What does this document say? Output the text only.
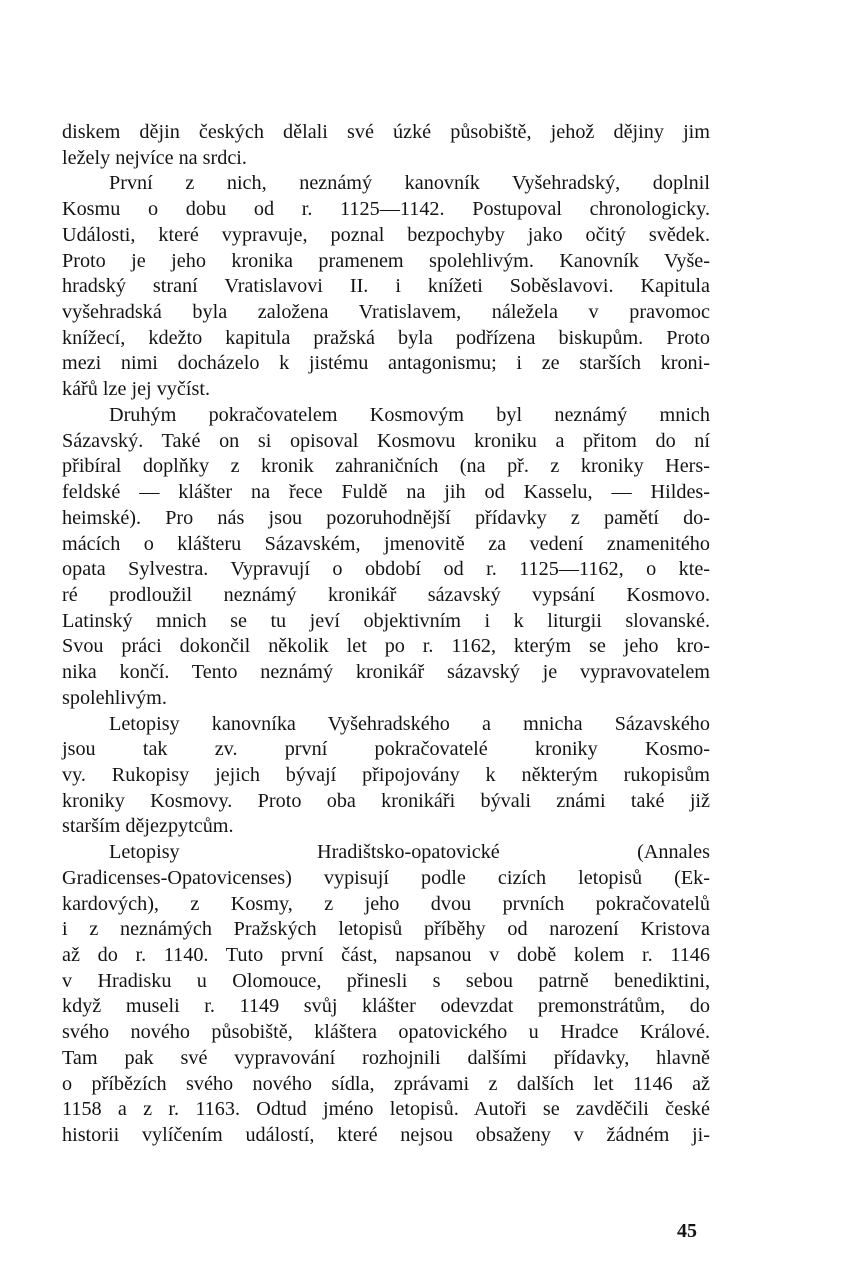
diskem dějin českých dělali své úzké působiště, jehož dějiny jim
ležely nejvíce na srdci.
První z nich, neznámý kanovník Vyšehradský, doplnil
Kosmu o dobu od r. 1125—1142. Postupoval chronologicky.
Události, které vypravuje, poznal bezpochyby jako očitý svědek.
Proto je jeho kronika pramenem spolehlivým. Kanovník Vyše-
hradský straní Vratislavovi II. i knížeti Soběslavovi. Kapitula
vyšehradská byla založena Vratislavem, náležela v pravomoc
knížecí, kdežto kapitula pražská byla podřízena biskupům. Proto
mezi nimi docházelo k jistému antagonismu; i ze starších kroni-
kářů lze jej vyčíst.
Druhým pokračovatelem Kosmovým byl neznámý mnich
Sázavský. Také on si opisoval Kosmovu kroniku a přitom do ní
přibíral doplňky z kronik zahraničních (na př. z kroniky Hers-
feldské — klášter na řece Fuldě na jih od Kasselu, — Hildes-
heimské). Pro nás jsou pozoruhodnější přídavky z pamětí do-
mácích o klášteru Sázavském, jmenovitě za vedení znamenitého
opata Sylvestra. Vypravují o období od r. 1125—1162, o kte-
ré prodloužil neznámý kronikář sázavský vypsání Kosmovo.
Latinský mnich se tu jeví objektivním i k liturgii slovanské.
Svou práci dokončil několik let po r. 1162, kterým se jeho kro-
nika končí. Tento neznámý kronikář sázavský je vypravovatelem
spolehlivým.
Letopisy kanovníka Vyšehradského a mnicha Sázavského
jsou tak zv. první pokračovatelé kroniky Kosmo-
vy. Rukopisy jejich bývají připojovány k některým rukopisům
kroniky Kosmovy. Proto oba kronikáři bývali známi také již
starším dějezpytcům.
Letopisy Hradištsko-opatovické (Annales
Gradicenses-Opatovicenses) vypisují podle cizích letopisů (Ek-
kardových), z Kosmy, z jeho dvou prvních pokračovatelů
i z neznámých Pražských letopisů příběhy od narození Kristova
až do r. 1140. Tuto první část, napsanou v době kolem r. 1146
v Hradisku u Olomouce, přinesli s sebou patrně benediktini,
když museli r. 1149 svůj klášter odevzdat premonstrátům, do
svého nového působiště, kláštera opatovického u Hradce Králové.
Tam pak své vypravování rozhojnili dalšími přídavky, hlavně
o příbězích svého nového sídla, zprávami z dalších let 1146 až
1158 a z r. 1163. Odtud jméno letopisů. Autoři se zavděčili české
historii vylíčením událostí, které nejsou obsaženy v žádném ji-
45
